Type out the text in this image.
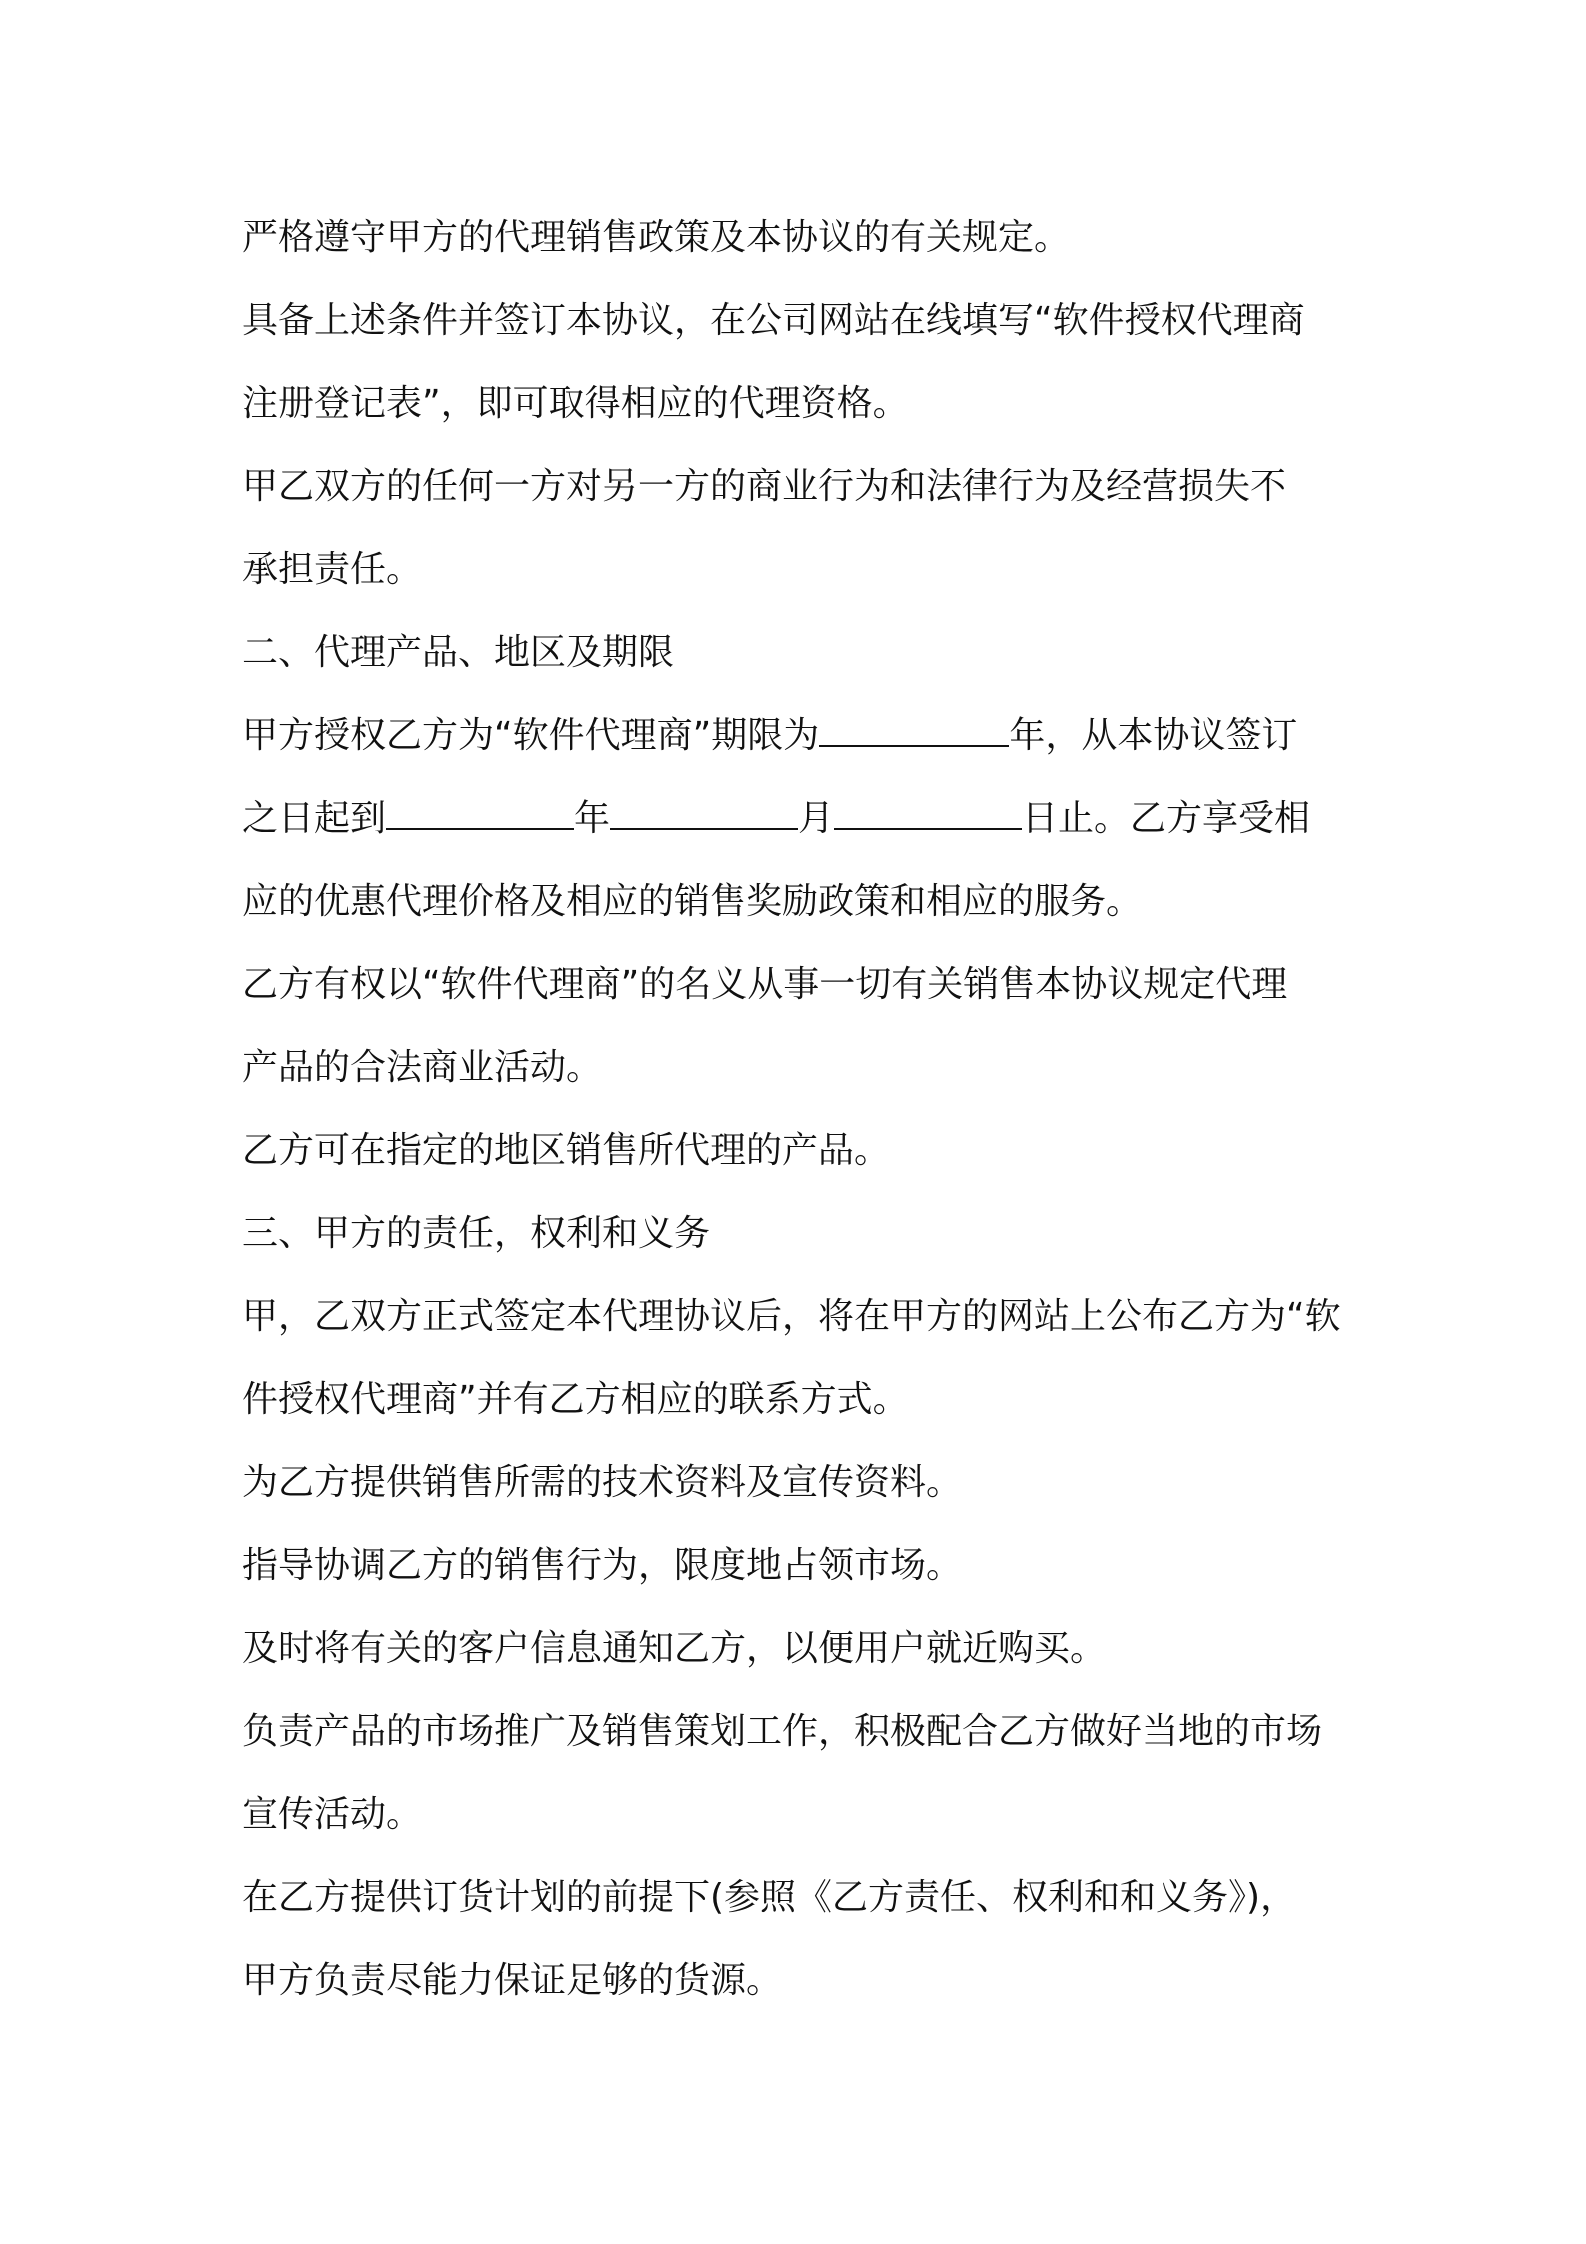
严格遵守甲方的代理销售政策及本协议的有关规定。
具备上述条件并签订本协议，在公司网站在线填写“软件授权代理商
注册登记表”，即可取得相应的代理资格。
甲乙双方的任何一方对另一方的商业行为和法律行为及经营损失不
承担责任。
二、代理产品、地区及期限
甲方授权乙方为“软件代理商”期限为	年，从本协议签订
之日起到	年	月	日止。乙方享受相
应的优惠代理价格及相应的销售奖励政策和相应的服务。
乙方有权以“软件代理商”的名义从事一切有关销售本协议规定代理
产品的合法商业活动。
乙方可在指定的地区销售所代理的产品。
三、甲方的责任，权利和义务
甲，乙双方正式签定本代理协议后，将在甲方的网站上公布乙方为“软
件授权代理商”并有乙方相应的联系方式。
为乙方提供销售所需的技术资料及宣传资料。
指导协调乙方的销售行为，限度地占领市场。
及时将有关的客户信息通知乙方，以便用户就近购买。
负责产品的市场推广及销售策划工作，积极配合乙方做好当地的市场
宣传活动。
在乙方提供订货计划的前提下(参照《乙方责任、权利和和义务》)，
甲方负责尽能力保证足够的货源。
